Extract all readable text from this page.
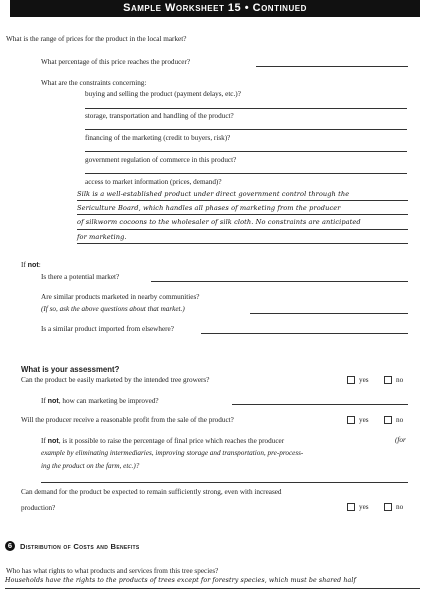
Sample Worksheet 15 • Continued
What is the range of prices for the product in the local market?
What percentage of this price reaches the producer?
What are the constraints concerning:
buying and selling the product (payment delays, etc.)?
storage, transportation and handling of the product?
financing of the marketing (credit to buyers, risk)?
government regulation of commerce in this product?
access to market information (prices, demand)?
Silk is a well-established product under direct government control through the
Sericulture Board, which handles all phases of marketing from the producer
of silkworm cocoons to the wholesaler of silk cloth. No constraints are anticipated
for marketing.
If not:
Is there a potential market?
Are similar products marketed in nearby communities?
(If so, ask the above questions about that market.)
Is a similar product imported from elsewhere?
What is your assessment?
Can the product be easily marketed by the intended tree growers?	yes	no
If not, how can marketing be improved?
Will the producer receive a reasonable profit from the sale of the product?	yes	no
If not, is it possible to raise the percentage of final price which reaches the producer	(for
example by eliminating intermediaries, improving storage and transportation, pre-process-
ing the product on the farm, etc.)?
Can demand for the product be expected to remain sufficiently strong, even with increased
production?	yes	no
6	Distribution of Costs and Benefits
Who has what rights to what products and services from this tree species?
Households have the rights to the products of trees except for forestry species, which must be shared half
